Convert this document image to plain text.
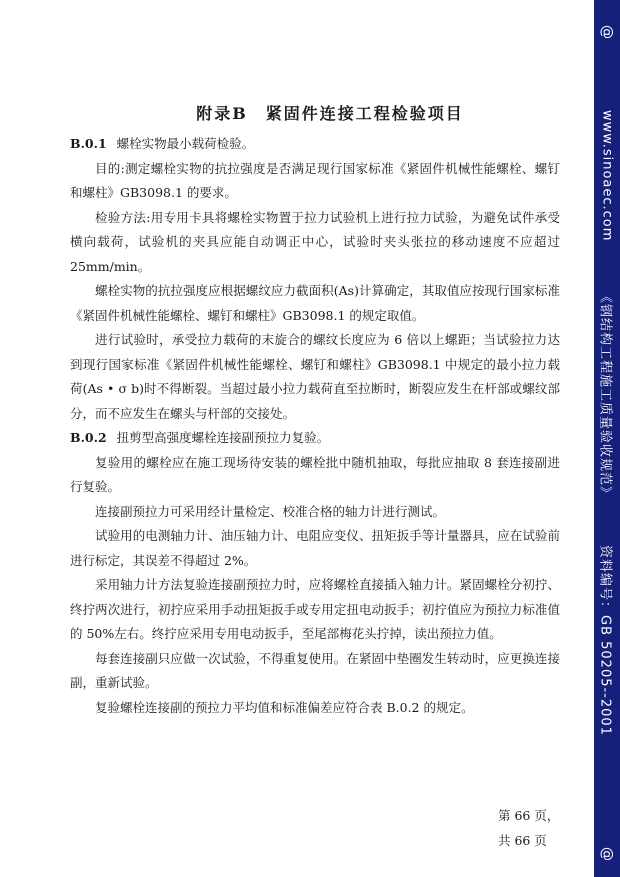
附录B　紧固件连接工程检验项目

B.0.1 螺栓实物最小载荷检验。

目的:测定螺栓实物的抗拉强度是否满足现行国家标准《紧固件机械性能螺栓、螺钉和螺柱》GB3098.1 的要求。

检验方法:用专用卡具将螺栓实物置于拉力试验机上进行拉力试验，为避免试件承受横向载荷，试验机的夹具应能自动调正中心，试验时夹头张拉的移动速度不应超过 25mm/min。

螺栓实物的抗拉强度应根据螺纹应力截面积(As)计算确定，其取值应按现行国家标准《紧固件机械性能螺栓、螺钉和螺柱》GB3098.1 的规定取值。

进行试验时，承受拉力载荷的末旋合的螺纹长度应为 6 倍以上螺距；当试验拉力达到现行国家标准《紧固件机械性能螺栓、螺钉和螺柱》GB3098.1 中规定的最小拉力载荷(As • σ b)时不得断裂。当超过最小拉力载荷直至拉断时，断裂应发生在杆部或螺纹部分，而不应发生在螺头与杆部的交接处。

B.0.2 扭剪型高强度螺栓连接副预拉力复验。

复验用的螺栓应在施工现场待安装的螺栓批中随机抽取，每批应抽取 8 套连接副进行复验。

连接副预拉力可采用经计量检定、校准合格的轴力计进行测试。

试验用的电测轴力计、油压轴力计、电阻应变仪、扭矩扳手等计量器具，应在试验前进行标定，其误差不得超过 2%。

采用轴力计方法复验连接副预拉力时，应将螺栓直接插入轴力计。紧固螺栓分初拧、终拧两次进行，初拧应采用手动扭矩扳手或专用定扭电动扳手；初拧值应为预拉力标准值的 50%左右。终拧应采用专用电动扳手，至尾部梅花头拧掉，读出预拉力值。

每套连接副只应做一次试验，不得重复使用。在紧固中垫圈发生转动时，应更换连接副，重新试验。

复验螺栓连接副的预拉力平均值和标准偏差应符合表 B.0.2 的规定。

第 66 页，共 66 页
@
www.sinoaec.com
《钢结构工程施工质量验收规范》
资料编号：GB 50205--2001
@
